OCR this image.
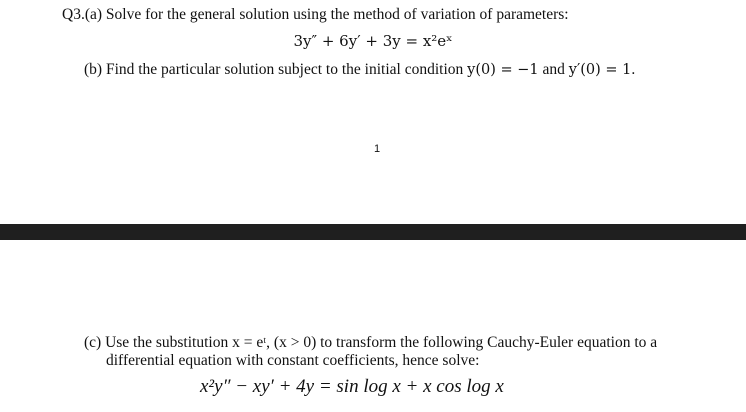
Q3.(a) Solve for the general solution using the method of variation of parameters:
3y″ + 6y′ + 3y = x²eˣ
(b) Find the particular solution subject to the initial condition y(0) = −1 and y′(0) = 1.
1
(c) Use the substitution x = eᵗ, (x > 0) to transform the following Cauchy-Euler equation to a
differential equation with constant coefficients, hence solve:
x²y″ − xy′ + 4y = sin log x + x cos log x
